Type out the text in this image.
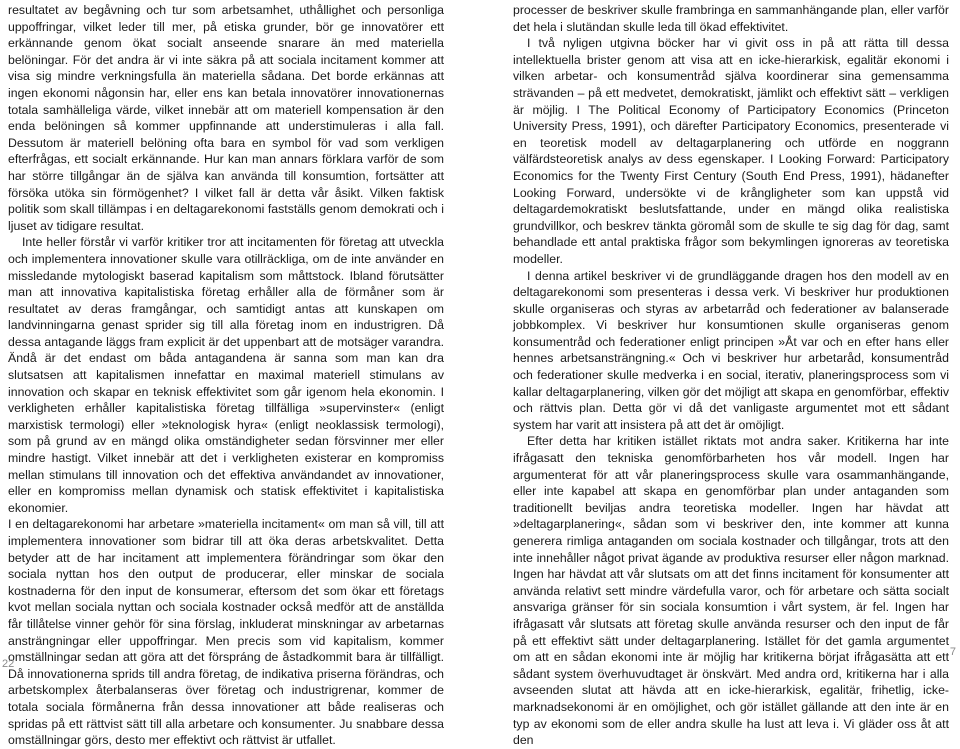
resultatet av begåvning och tur som arbetsamhet, uthållighet och personliga uppoffringar, vilket leder till mer, på etiska grunder, bör ge innovatörer ett erkännande genom ökat socialt anseende snarare än med materiella belöningar. För det andra är vi inte säkra på att sociala incitament kommer att visa sig mindre verkningsfulla än materiella sådana. Det borde erkännas att ingen ekonomi någonsin har, eller ens kan betala innovatörer innovationernas totala samhälleliga värde, vilket innebär att om materiell kompensation är den enda belöningen så kommer uppfinnande att understimuleras i alla fall. Dessutom är materiell belöning ofta bara en symbol för vad som verkligen efterfrågas, ett socialt erkännande. Hur kan man annars förklara varför de som har större tillgångar än de själva kan använda till konsumtion, fortsätter att försöka utöka sin förmögenhet? I vilket fall är detta vår åsikt. Vilken faktisk politik som skall tillämpas i en deltagarekonomi fastställs genom demokrati och i ljuset av tidigare resultat.

Inte heller förstår vi varför kritiker tror att incitamenten för företag att utveckla och implementera innovationer skulle vara otillräckliga, om de inte använder en missledande mytologiskt baserad kapitalism som måttstock. Ibland förutsätter man att innovativa kapitalistiska företag erhåller alla de förmåner som är resultatet av deras framgångar, och samtidigt antas att kunskapen om landvinningarna genast sprider sig till alla företag inom en industrigren. Då dessa antagande läggs fram explicit är det uppenbart att de motsäger varandra. Ändå är det endast om båda antagandena är sanna som man kan dra slutsatsen att kapitalismen innefattar en maximal materiell stimulans av innovation och skapar en teknisk effektivitet som går igenom hela ekonomin. I verkligheten erhåller kapitalistiska företag tillfälliga »supervinster« (enligt marxistisk termologi) eller »teknologisk hyra« (enligt neoklassisk termologi), som på grund av en mängd olika omständigheter sedan försvinner mer eller mindre hastigt. Vilket innebär att det i verkligheten existerar en kompromiss mellan stimulans till innovation och det effektiva användandet av innovationer, eller en kompromiss mellan dynamisk och statisk effektivitet i kapitalistiska ekonomier.

I en deltagarekonomi har arbetare »materiella incitament« om man så vill, till att implementera innovationer som bidrar till att öka deras arbetskvalitet. Detta betyder att de har incitament att implementera förändringar som ökar den sociala nyttan hos den output de producerar, eller minskar de sociala kostnaderna för den input de konsumerar, eftersom det som ökar ett företags kvot mellan sociala nyttan och sociala kostnader också medför att de anställda får tillåtelse vinner gehör för sina förslag, inkluderat minskningar av arbetarnas ansträngningar eller uppoffringar. Men precis som vid kapitalism, kommer omställningar sedan att göra att det förspráng de åstadkommit bara är tillfälligt. Då innovationerna sprids till andra företag, de indikativa priserna förändras, och arbetskomplex återbalanseras över företag och industrigrenar, kommer de totala sociala förmånerna från dessa innovationer att både realiseras och spridas på ett rättvist sätt till alla arbetare och konsumenter. Ju snabbare dessa omställningar görs, desto mer effektivt och rättvist är utfallet.

processer de beskriver skulle frambringa en sammanhängande plan, eller varför det hela i slutändan skulle leda till ökad effektivitet.

I två nyligen utgivna böcker har vi givit oss in på att rätta till dessa intellektuella brister genom att visa att en icke-hierarkisk, egalitär ekonomi i vilken arbetar- och konsumentråd själva koordinerar sina gemensamma strävanden – på ett medvetet, demokratiskt, jämlikt och effektivt sätt – verkligen är möjlig. I The Political Economy of Participatory Economics (Princeton University Press, 1991), och därefter Participatory Economics, presenterade vi en teoretisk modell av deltagarplanering och utförde en noggrann välfärdsteoretisk analys av dess egenskaper. I Looking Forward: Participatory Economics for the Twenty First Century (South End Press, 1991), hädanefter Looking Forward, undersökte vi de krångligheter som kan uppstå vid deltagardemokratiskt beslutsfattande, under en mängd olika realistiska grundvillkor, och beskrev tänkta göromål som de skulle te sig dag för dag, samt behandlade ett antal praktiska frågor som bekymlingen ignoreras av teoretiska modeller.

I denna artikel beskriver vi de grundläggande dragen hos den modell av en deltagarekonomi som presenteras i dessa verk. Vi beskriver hur produktionen skulle organiseras och styras av arbetarråd och federationer av balanserade jobbkomplex. Vi beskriver hur konsumtionen skulle organiseras genom konsumentråd och federationer enligt principen »Åt var och en efter hans eller hennes arbetsansträngning.« Och vi beskriver hur arbetaråd, konsumentråd och federationer skulle medverka i en social, iterativ, planeringsprocess som vi kallar deltagarplanering, vilken gör det möjligt att skapa en genomförbar, effektiv och rättvis plan. Detta gör vi då det vanligaste argumentet mot ett sådant system har varit att insistera på att det är omöjligt.

Efter detta har kritiken istället riktats mot andra saker. Kritikerna har inte ifrågasatt den tekniska genomförbarheten hos vår modell. Ingen har argumenterat för att vår planeringsprocess skulle vara osammanhängande, eller inte kapabel att skapa en genomförbar plan under antaganden som traditionellt beviljas andra teoretiska modeller. Ingen har hävdat att »deltagarplanering«, sådan som vi beskriver den, inte kommer att kunna generera rimliga antaganden om sociala kostnader och tillgångar, trots att den inte innehåller något privat ägande av produktiva resurser eller någon marknad. Ingen har hävdat att vår slutsats om att det finns incitament för konsumenter att använda relativt sett mindre värdefulla varor, och för arbetare och sätta socialt ansvariga gränser för sin sociala konsumtion i vårt system, är fel. Ingen har ifrågasatt vår slutsats att företag skulle använda resurser och den input de får på ett effektivt sätt under deltagarplanering. Istället för det gamla argumentet om att en sådan ekonomi inte är möjlig har kritikerna börjat ifrågasätta att ett sådant system överhuvudtaget är önskvärt. Med andra ord, kritikerna har i alla avseenden slutat att hävda att en icke-hierarkisk, egalitär, frihetlig, icke-marknadsekonomi är en omöjlighet, och gör istället gällande att den inte är en typ av ekonomi som de eller andra skulle ha lust att leva i. Vi gläder oss åt att den

22
7
